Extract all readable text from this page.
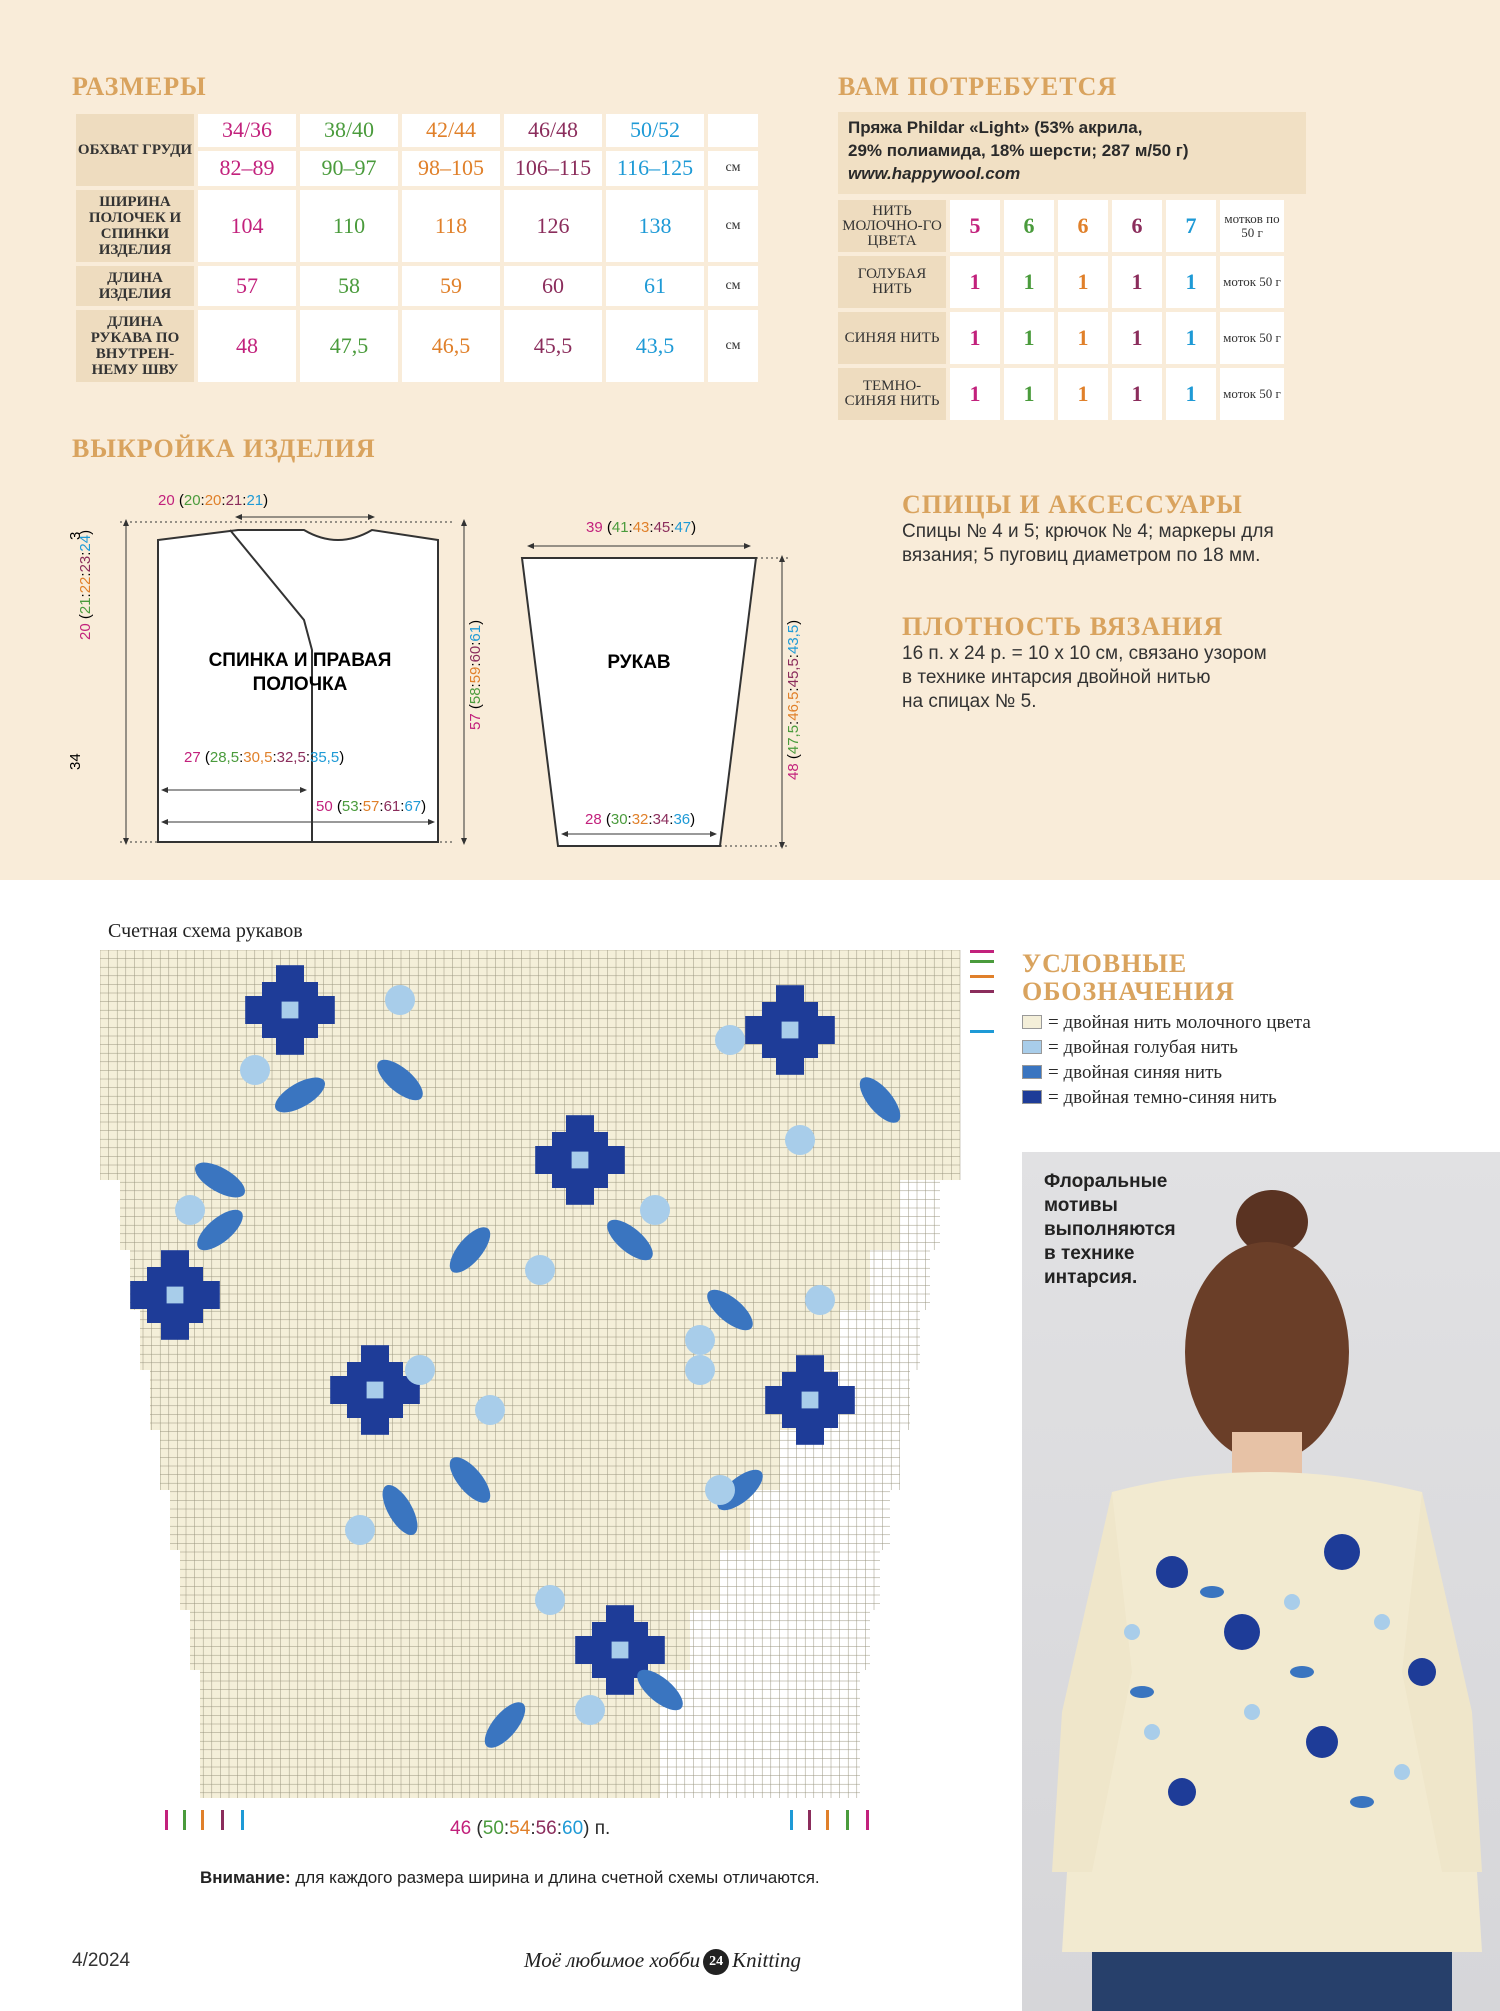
РАЗМЕРЫ
ОБХВАТ ГРУДИ	34/36	38/40	42/44	46/48	50/52	
	82–89	90–97	98–105	106–115	116–125	см
ШИРИНА ПОЛОЧЕК И СПИНКИ ИЗДЕЛИЯ	104	110	118	126	138	см
ДЛИНА ИЗДЕЛИЯ	57	58	59	60	61	см
ДЛИНА РУКАВА ПО ВНУТРЕН-НЕМУ ШВУ	48	47,5	46,5	45,5	43,5	см
ВАМ ПОТРЕБУЕТСЯ
Пряжа Phildar «Light» (53% акрила,
29% полиамида, 18% шерсти; 287 м/50 г)
www.happywool.com
НИТЬ МОЛОЧНО-ГО ЦВЕТА	5	6	6	6	7	мотков по 50 г
ГОЛУБАЯ НИТЬ	1	1	1	1	1	моток 50 г
СИНЯЯ НИТЬ	1	1	1	1	1	моток 50 г
ТЕМНО-СИНЯЯ НИТЬ	1	1	1	1	1	моток 50 г
ВЫКРОЙКА ИЗДЕЛИЯ
20 (20:20:21:21)
3
34
20 (21:22:23:24)
57 (58:59:60:61)
27 (28,5:30,5:32,5:35,5)
50 (53:57:61:67)
СПИНКА И ПРАВАЯ
ПОЛОЧКА
39 (41:43:45:47)
28 (30:32:34:36)
48 (47,5:46,5:45,5:43,5)
РУКАВ
СПИЦЫ И АКСЕССУАРЫ
Спицы № 4 и 5; крючок № 4; маркеры для
вязания; 5 пуговиц диаметром по 18 мм.
ПЛОТНОСТЬ ВЯЗАНИЯ
16 п. х 24 р. = 10 х 10 см, связано узором
в технике интарсия двойной нитью
на спицах № 5.
Счетная схема рукавов
46 (50:54:56:60) п.
УСЛОВНЫЕ
ОБОЗНАЧЕНИЯ
= двойная нить молочного цвета
= двойная голубая нить
= двойная синяя нить
= двойная темно-синяя нить
Флоральные
мотивы
выполняются
в технике
интарсия.
Внимание: для каждого размера ширина и длина счетной схемы отличаются.
4/2024	Моё любимое хобби 24 Knitting
